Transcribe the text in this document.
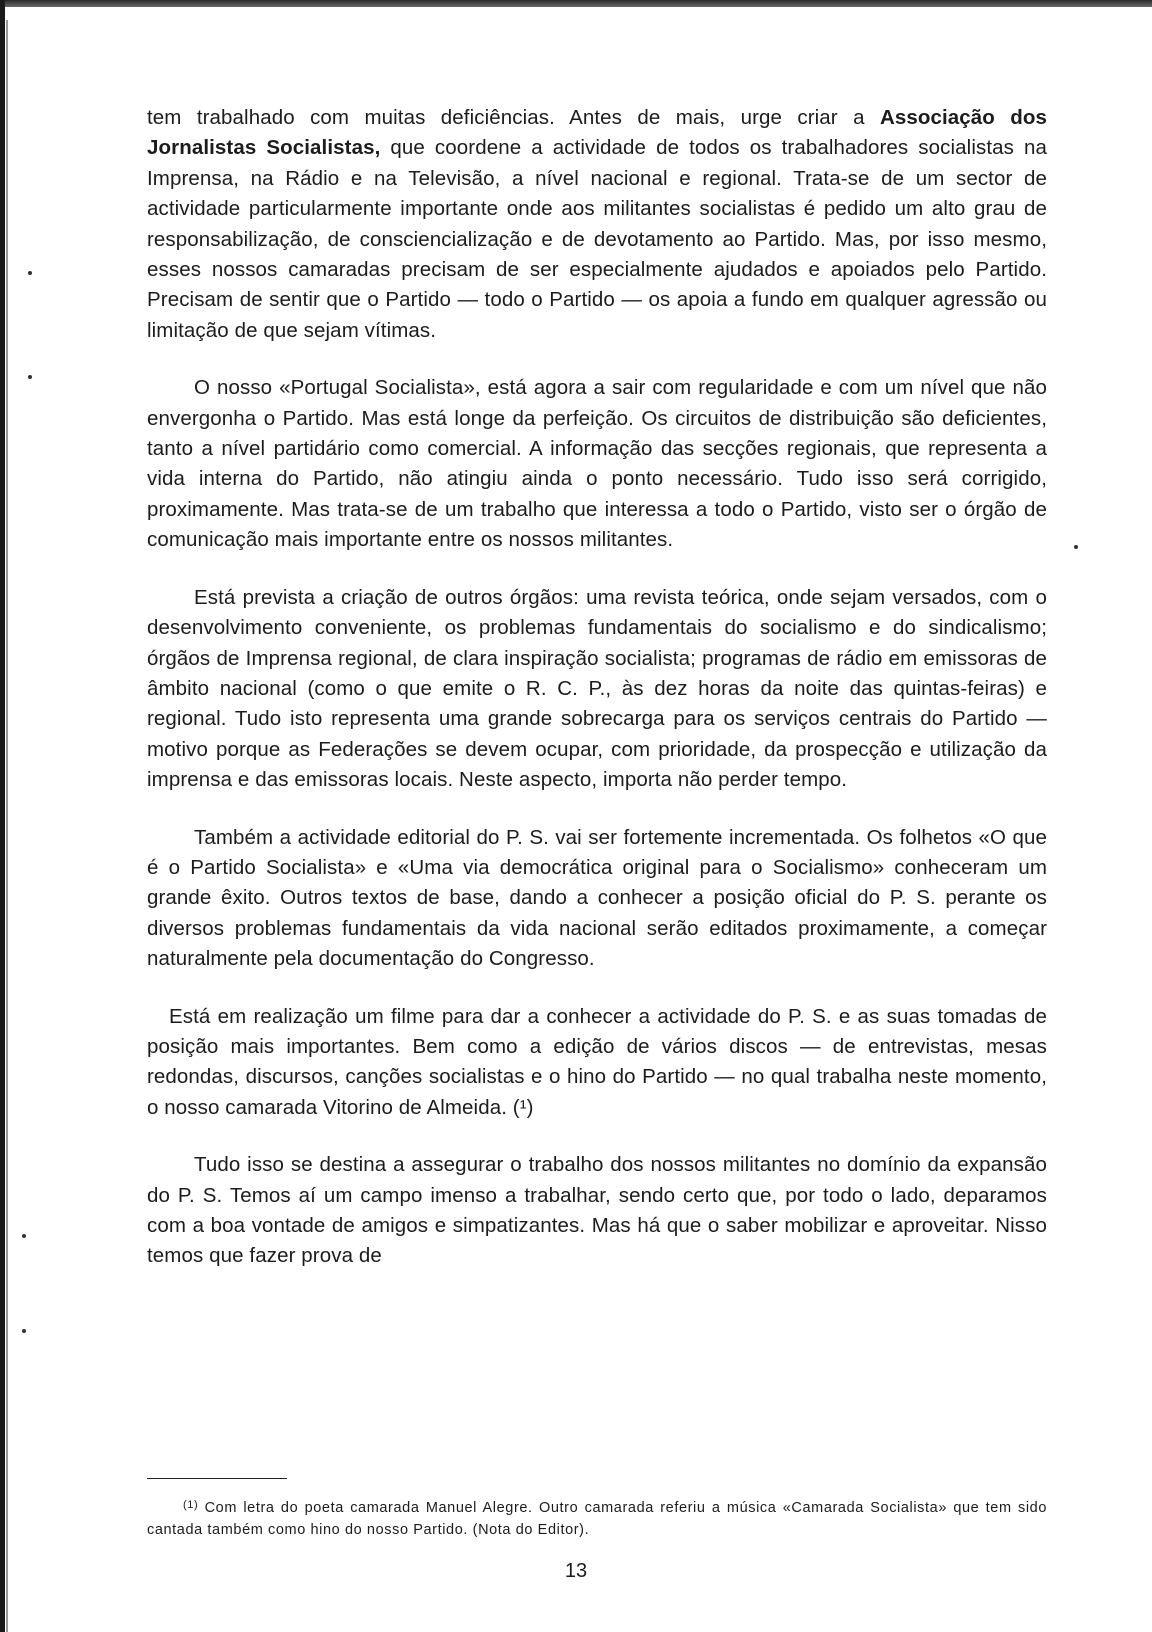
tem trabalhado com muitas deficiências. Antes de mais, urge criar a Associação dos Jornalistas Socialistas, que coordene a actividade de todos os trabalhadores socialistas na Imprensa, na Rádio e na Televisão, a nível nacional e regional. Trata-se de um sector de actividade particularmente importante onde aos militantes socialistas é pedido um alto grau de responsabilização, de consciencialização e de devotamento ao Partido. Mas, por isso mesmo, esses nossos camaradas precisam de ser especialmente ajudados e apoiados pelo Partido. Precisam de sentir que o Partido — todo o Partido — os apoia a fundo em qualquer agressão ou limitação de que sejam vítimas.

O nosso «Portugal Socialista», está agora a sair com regularidade e com um nível que não envergonha o Partido. Mas está longe da perfeição. Os circuitos de distribuição são deficientes, tanto a nível partidário como comercial. A informação das secções regionais, que representa a vida interna do Partido, não atingiu ainda o ponto necessário. Tudo isso será corrigido, proximamente. Mas trata-se de um trabalho que interessa a todo o Partido, visto ser o órgão de comunicação mais importante entre os nossos militantes.

Está prevista a criação de outros órgãos: uma revista teórica, onde sejam versados, com o desenvolvimento conveniente, os problemas fundamentais do socialismo e do sindicalismo; órgãos de Imprensa regional, de clara inspiração socialista; programas de rádio em emissoras de âmbito nacional (como o que emite o R. C. P., às dez horas da noite das quintas-feiras) e regional. Tudo isto representa uma grande sobrecarga para os serviços centrais do Partido — motivo porque as Federações se devem ocupar, com prioridade, da prospecção e utilização da imprensa e das emissoras locais. Neste aspecto, importa não perder tempo.

Também a actividade editorial do P. S. vai ser fortemente incrementada. Os folhetos «O que é o Partido Socialista» e «Uma via democrática original para o Socialismo» conheceram um grande êxito. Outros textos de base, dando a conhecer a posição oficial do P. S. perante os diversos problemas fundamentais da vida nacional serão editados proximamente, a começar naturalmente pela documentação do Congresso.

Está em realização um filme para dar a conhecer a actividade do P. S. e as suas tomadas de posição mais importantes. Bem como a edição de vários discos — de entrevistas, mesas redondas, discursos, canções socialistas e o hino do Partido — no qual trabalha neste momento, o nosso camarada Vitorino de Almeida. (¹)

Tudo isso se destina a assegurar o trabalho dos nossos militantes no domínio da expansão do P. S. Temos aí um campo imenso a trabalhar, sendo certo que, por todo o lado, deparamos com a boa vontade de amigos e simpatizantes. Mas há que o saber mobilizar e aproveitar. Nisso temos que fazer prova de

$^{(1)}$ Com letra do poeta camarada Manuel Alegre. Outro camarada referiu a música «Camarada Socialista» que tem sido cantada também como hino do nosso Partido. (Nota do Editor).

13
